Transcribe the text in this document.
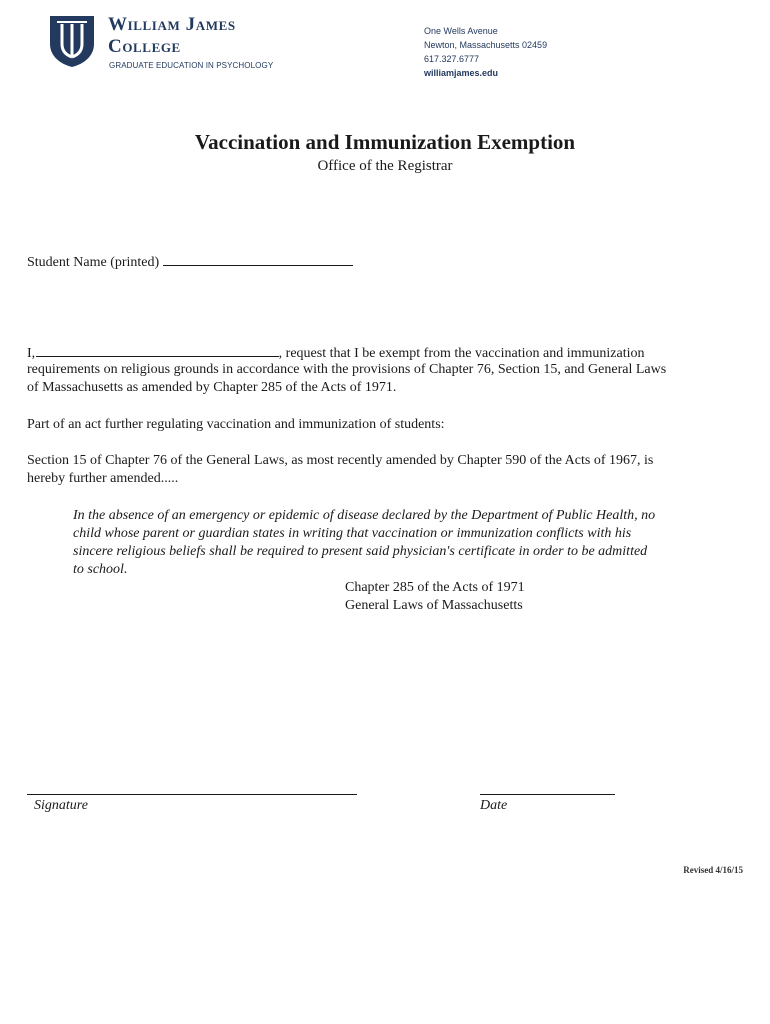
William James
College
GRADUATE EDUCATION IN PSYCHOLOGY
One Wells Avenue
Newton, Massachusetts 02459
617.327.6777
williamjames.edu
Vaccination and Immunization Exemption
Office of the Registrar
Student Name (printed)
I,	, request that I be exempt from the vaccination and immunization
requirements on religious grounds in accordance with the provisions of Chapter 76, Section 15, and General Laws
of Massachusetts as amended by Chapter 285 of the Acts of 1971.
Part of an act further regulating vaccination and immunization of students:
Section 15 of Chapter 76 of the General Laws, as most recently amended by Chapter 590 of the Acts of 1967, is
hereby further amended.....
In the absence of an emergency or epidemic of disease declared by the Department of Public Health, no
child whose parent or guardian states in writing that vaccination or immunization conflicts with his
sincere religious beliefs shall be required to present said physician's certificate in order to be admitted
to school.
Chapter 285 of the Acts of 1971
General Laws of Massachusetts
Signature	Date
Revised 4/16/15
